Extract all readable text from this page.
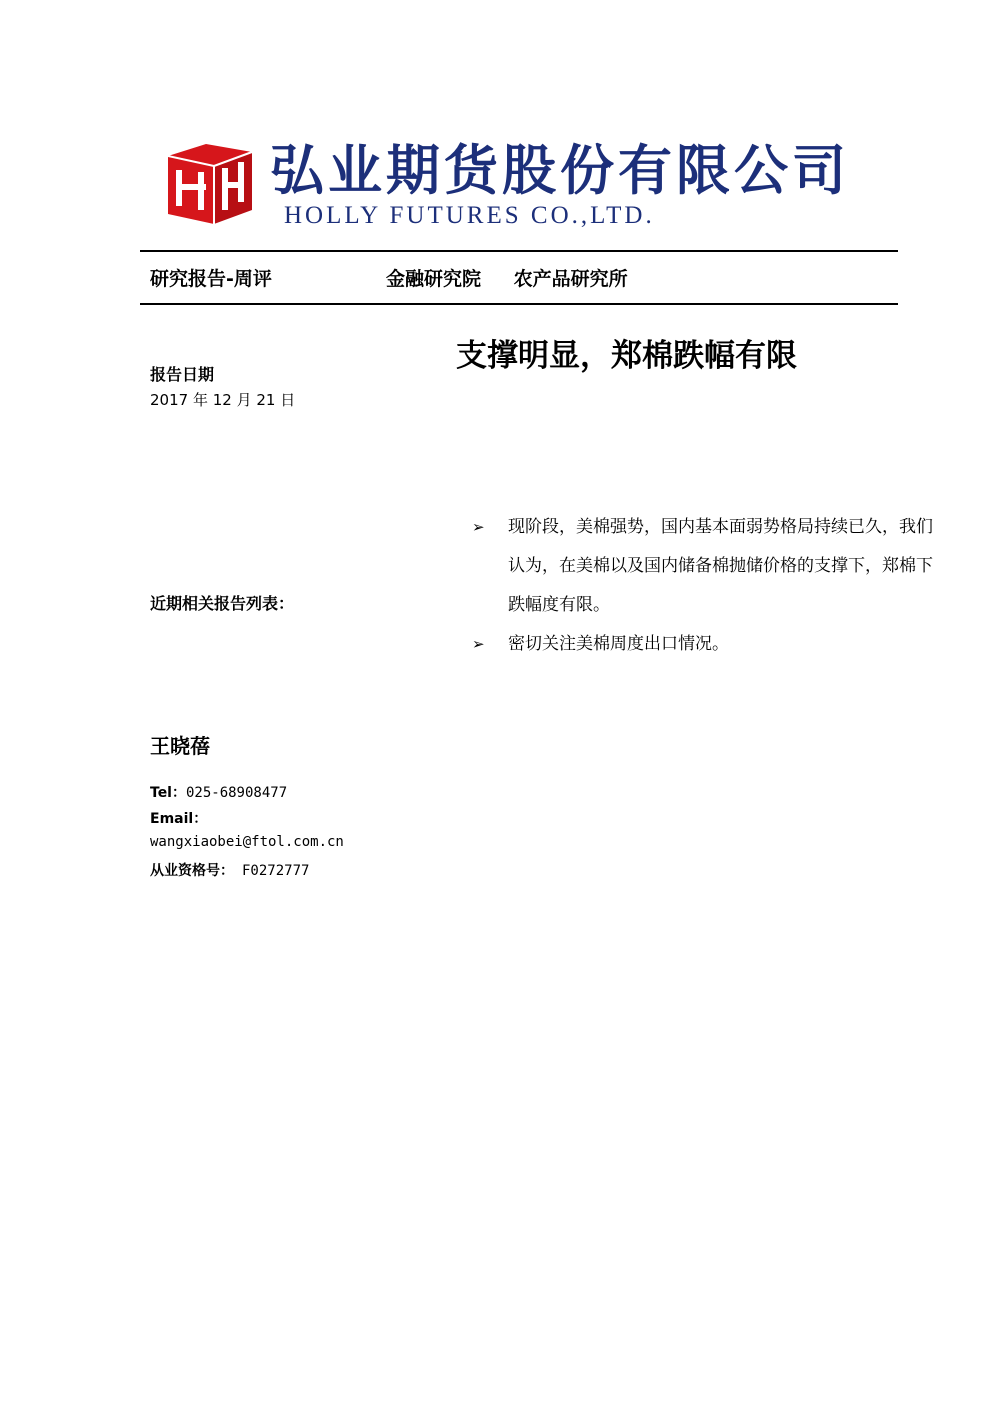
弘业期货股份有限公司
HOLLY FUTURES CO.,LTD.
研究报告-周评	金融研究院 农产品研究所
支撑明显，郑棉跌幅有限
报告日期
2017 年 12 月 21 日
➢ 现阶段，美棉强势，国内基本面弱势格局持续已久，我们认为，在美棉以及国内储备棉抛储价格的支撑下，郑棉下跌幅度有限。
➢ 密切关注美棉周度出口情况。
近期相关报告列表：
王晓蓓
Tel：025-68908477
Email：
wangxiaobei@ftol.com.cn
从业资格号： F0272777
